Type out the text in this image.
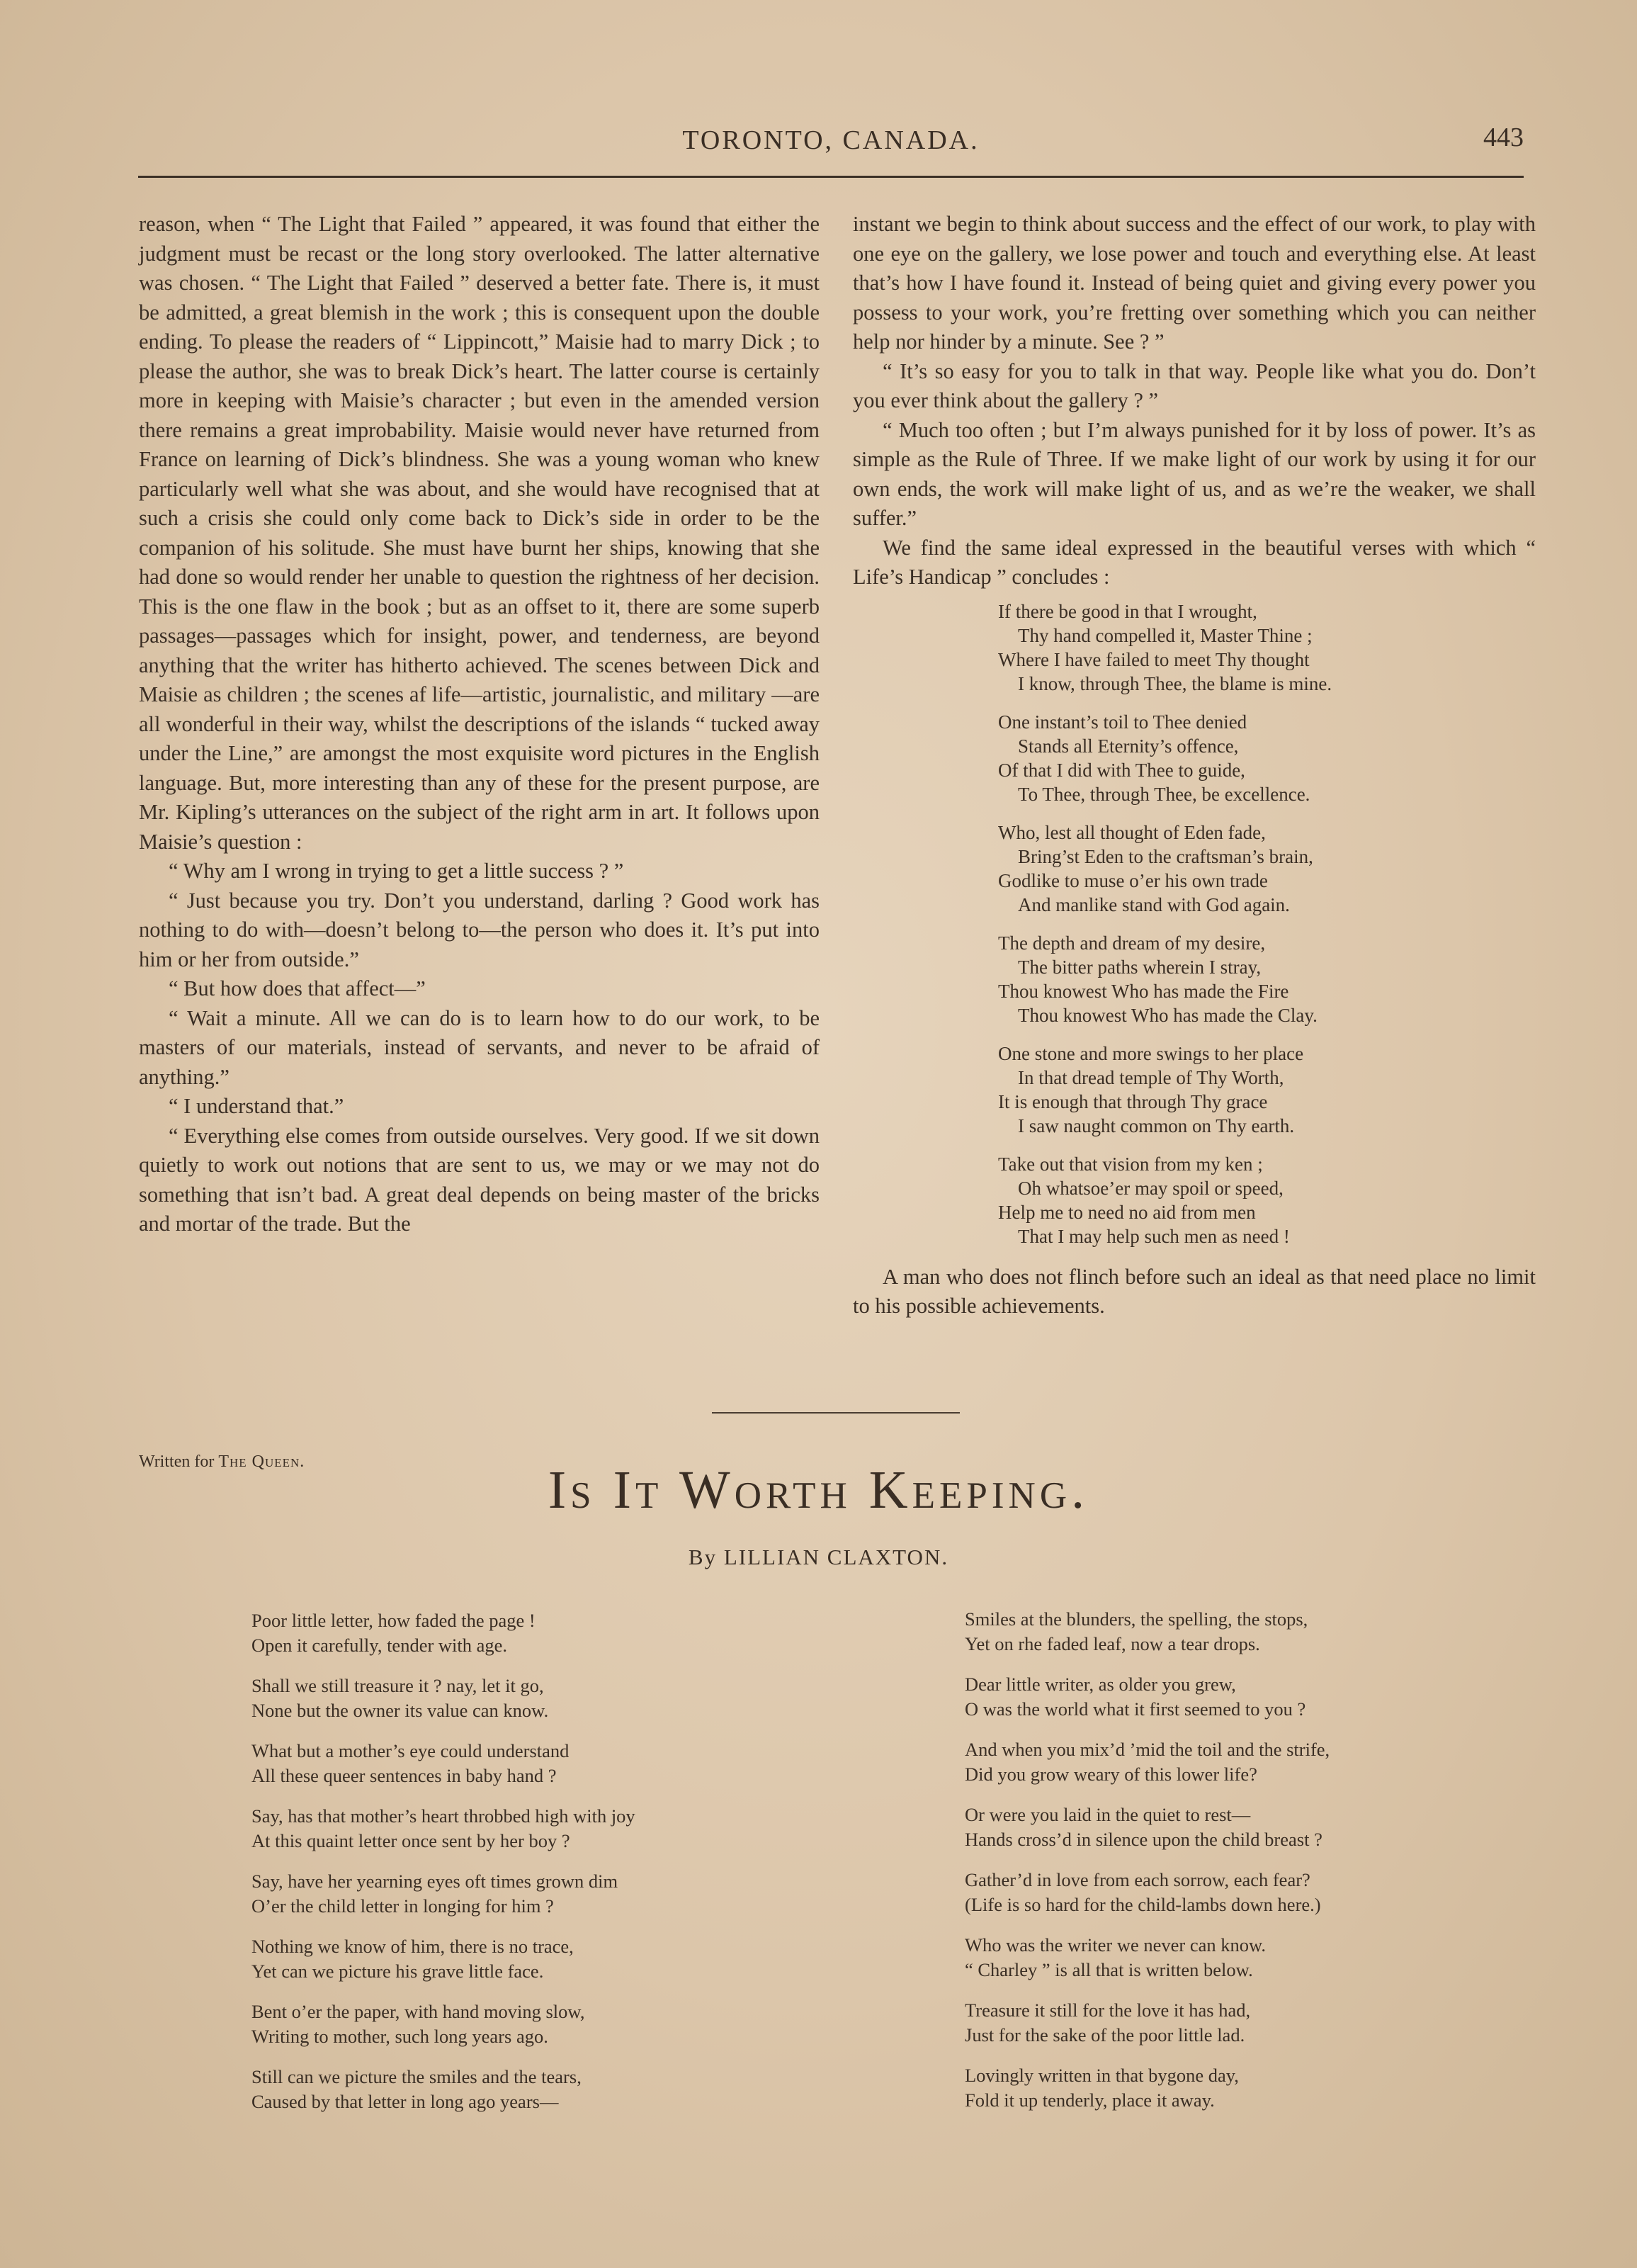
TORONTO, CANADA.	443

reason, when “ The Light that Failed ” appeared, it was found that either the judgment must be recast or the long story overlooked. The latter alternative was chosen. “ The Light that Failed ” deserved a better fate. There is, it must be admitted, a great blemish in the work ; this is consequent upon the double ending. To please the readers of “ Lippincott,” Maisie had to marry Dick ; to please the author, she was to break Dick’s heart. The latter course is certainly more in keeping with Maisie’s character ; but even in the amended version there remains a great improbability. Maisie would never have returned from France on learning of Dick’s blindness. She was a young woman who knew particularly well what she was about, and she would have recognised that at such a crisis she could only come back to Dick’s side in order to be the companion of his solitude. She must have burnt her ships, knowing that she had done so would render her unable to question the rightness of her decision. This is the one flaw in the book ; but as an offset to it, there are some superb passages—passages which for insight, power, and tenderness, are beyond anything that the writer has hitherto achieved. The scenes between Dick and Maisie as children ; the scenes af life—artistic, journalistic, and military —are all wonderful in their way, whilst the descriptions of the islands “ tucked away under the Line,” are amongst the most exquisite word pictures in the English language. But, more interesting than any of these for the present purpose, are Mr. Kipling’s utterances on the subject of the right arm in art. It follows upon Maisie’s question :

“ Why am I wrong in trying to get a little success ? ”

“ Just because you try. Don’t you understand, darling ? Good work has nothing to do with—doesn’t belong to—the person who does it. It’s put into him or her from outside.”

“ But how does that affect—”

“ Wait a minute. All we can do is to learn how to do our work, to be masters of our materials, instead of servants, and never to be afraid of anything.”

“ I understand that.”

“ Everything else comes from outside ourselves. Very good. If we sit down quietly to work out notions that are sent to us, we may or we may not do something that isn’t bad. A great deal depends on being master of the bricks and mortar of the trade. But the

instant we begin to think about success and the effect of our work, to play with one eye on the gallery, we lose power and touch and everything else. At least that’s how I have found it. Instead of being quiet and giving every power you possess to your work, you’re fretting over something which you can neither help nor hinder by a minute. See ? ”

“ It’s so easy for you to talk in that way. People like what you do. Don’t you ever think about the gallery ? ”

“ Much too often ; but I’m always punished for it by loss of power. It’s as simple as the Rule of Three. If we make light of our work by using it for our own ends, the work will make light of us, and as we’re the weaker, we shall suffer.”

We find the same ideal expressed in the beautiful verses with which “ Life’s Handicap ” concludes :

If there be good in that I wrought,
Thy hand compelled it, Master Thine ;
Where I have failed to meet Thy thought
I know, through Thee, the blame is mine.
One instant’s toil to Thee denied
Stands all Eternity’s offence,
Of that I did with Thee to guide,
To Thee, through Thee, be excellence.
Who, lest all thought of Eden fade,
Bring’st Eden to the craftsman’s brain,
Godlike to muse o’er his own trade
And manlike stand with God again.
The depth and dream of my desire,
The bitter paths wherein I stray,
Thou knowest Who has made the Fire
Thou knowest Who has made the Clay.
One stone and more swings to her place
In that dread temple of Thy Worth,
It is enough that through Thy grace
I saw naught common on Thy earth.
Take out that vision from my ken ;
Oh whatsoe’er may spoil or speed,
Help me to need no aid from men
That I may help such men as need !

A man who does not flinch before such an ideal as that need place no limit to his possible achievements.

Written for The Queen.	Is It Worth Keeping.
By LILLIAN CLAXTON.
Poor little letter, how faded the page !
Open it carefully, tender with age.
Shall we still treasure it ? nay, let it go,
None but the owner its value can know.
What but a mother’s eye could understand
All these queer sentences in baby hand ?
Say, has that mother’s heart throbbed high with joy
At this quaint letter once sent by her boy ?
Say, have her yearning eyes oft times grown dim
O’er the child letter in longing for him ?
Nothing we know of him, there is no trace,
Yet can we picture his grave little face.
Bent o’er the paper, with hand moving slow,
Writing to mother, such long years ago.
Still can we picture the smiles and the tears,
Caused by that letter in long ago years—
Smiles at the blunders, the spelling, the stops,
Yet on rhe faded leaf, now a tear drops.
Dear little writer, as older you grew,
O was the world what it first seemed to you ?
And when you mix’d ’mid the toil and the strife,
Did you grow weary of this lower life?
Or were you laid in the quiet to rest—
Hands cross’d in silence upon the child breast ?
Gather’d in love from each sorrow, each fear?
(Life is so hard for the child-lambs down here.)
Who was the writer we never can know.
“ Charley ” is all that is written below.
Treasure it still for the love it has had,
Just for the sake of the poor little lad.
Lovingly written in that bygone day,
Fold it up tenderly, place it away.
